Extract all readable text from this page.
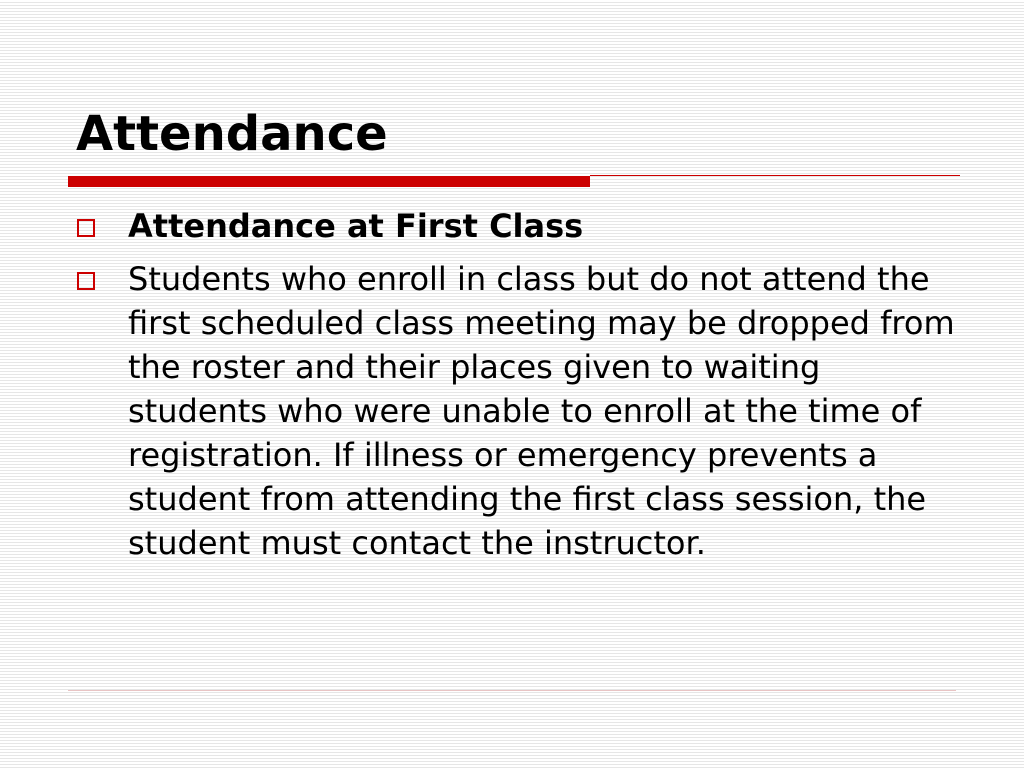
Attendance
Attendance at First Class
Students who enroll in class but do not attend the first scheduled class meeting may be dropped from the roster and their places given to waiting students who were unable to enroll at the time of registration. If illness or emergency prevents a student from attending the first class session, the student must contact the instructor.
